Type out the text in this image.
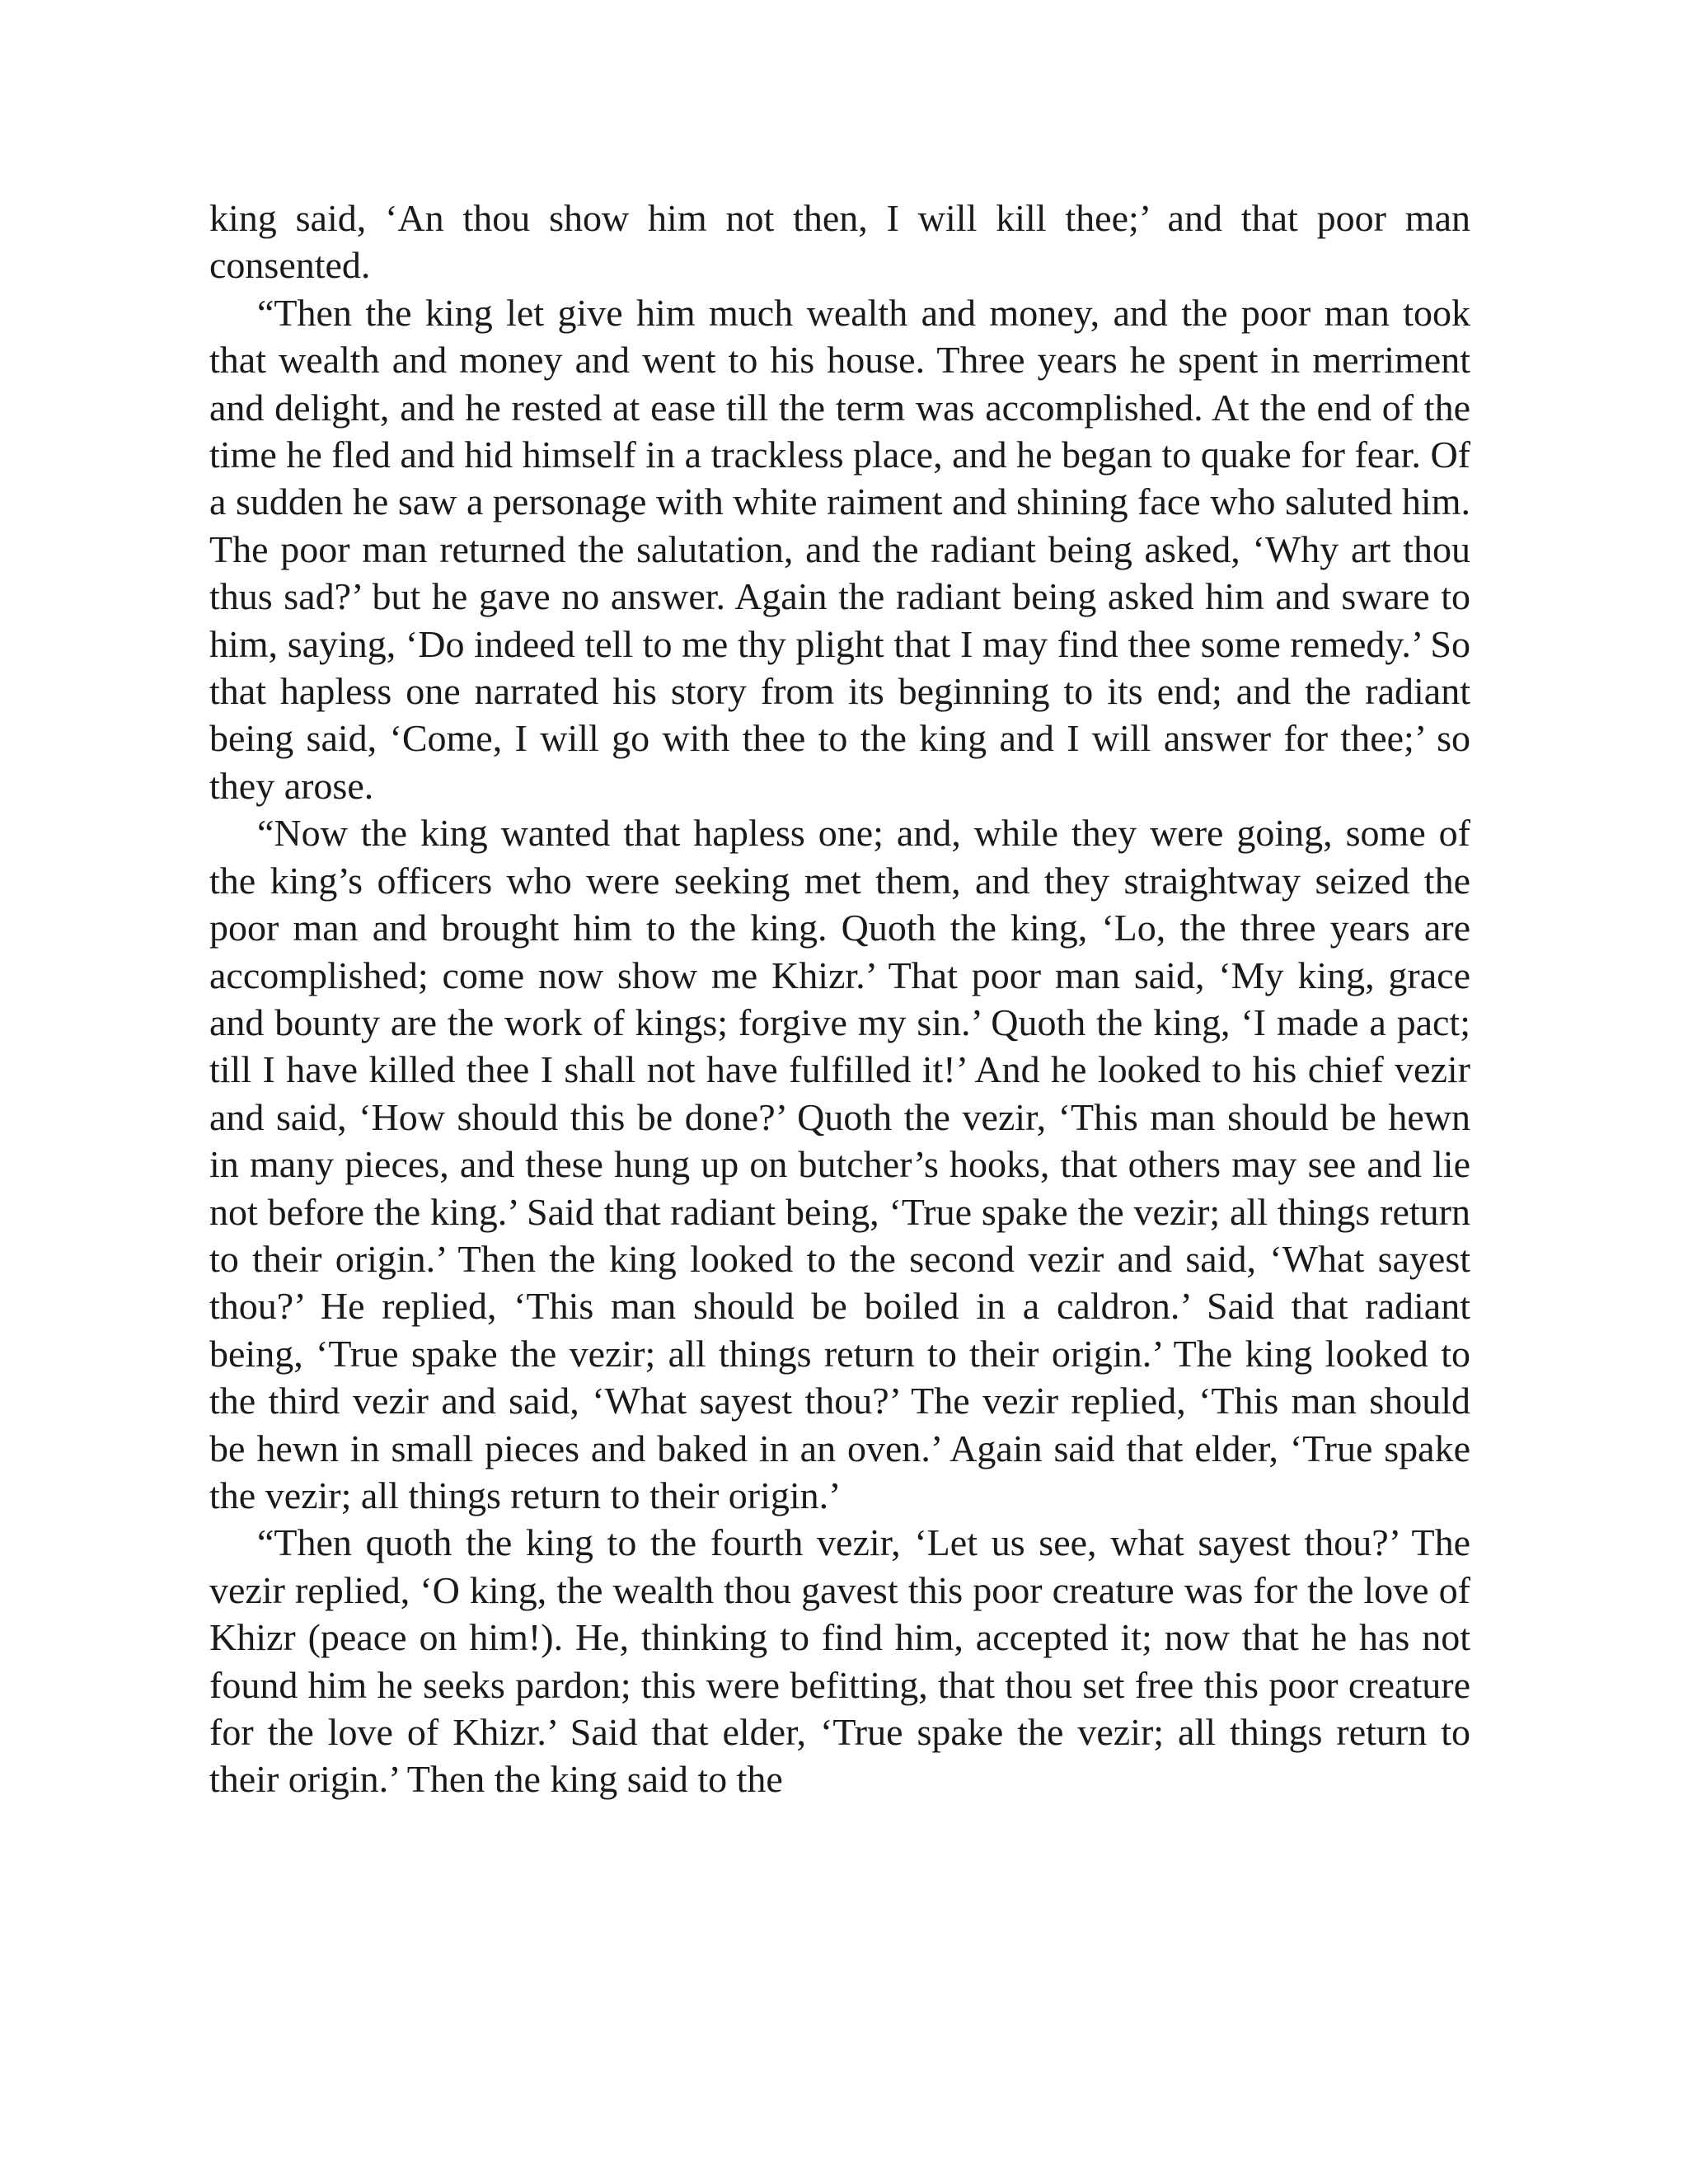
king said, ‘An thou show him not then, I will kill thee;’ and that poor man consented.

“Then the king let give him much wealth and money, and the poor man took that wealth and money and went to his house. Three years he spent in merriment and delight, and he rested at ease till the term was accomplished. At the end of the time he fled and hid himself in a trackless place, and he began to quake for fear. Of a sudden he saw a personage with white raiment and shining face who saluted him. The poor man returned the salutation, and the radiant being asked, ‘Why art thou thus sad?’ but he gave no answer. Again the radiant being asked him and sware to him, saying, ‘Do indeed tell to me thy plight that I may find thee some remedy.’ So that hapless one narrated his story from its beginning to its end; and the radiant being said, ‘Come, I will go with thee to the king and I will answer for thee;’ so they arose.

“Now the king wanted that hapless one; and, while they were going, some of the king’s officers who were seeking met them, and they straightway seized the poor man and brought him to the king. Quoth the king, ‘Lo, the three years are accomplished; come now show me Khizr.’ That poor man said, ‘My king, grace and bounty are the work of kings; forgive my sin.’ Quoth the king, ‘I made a pact; till I have killed thee I shall not have fulfilled it!’ And he looked to his chief vezir and said, ‘How should this be done?’ Quoth the vezir, ‘This man should be hewn in many pieces, and these hung up on butcher’s hooks, that others may see and lie not before the king.’ Said that radiant being, ‘True spake the vezir; all things return to their origin.’ Then the king looked to the second vezir and said, ‘What sayest thou?’ He replied, ‘This man should be boiled in a caldron.’ Said that radiant being, ‘True spake the vezir; all things return to their origin.’ The king looked to the third vezir and said, ‘What sayest thou?’ The vezir replied, ‘This man should be hewn in small pieces and baked in an oven.’ Again said that elder, ‘True spake the vezir; all things return to their origin.’

“Then quoth the king to the fourth vezir, ‘Let us see, what sayest thou?’ The vezir replied, ‘O king, the wealth thou gavest this poor creature was for the love of Khizr (peace on him!). He, thinking to find him, accepted it; now that he has not found him he seeks pardon; this were befitting, that thou set free this poor creature for the love of Khizr.’ Said that elder, ‘True spake the vezir; all things return to their origin.’ Then the king said to the
